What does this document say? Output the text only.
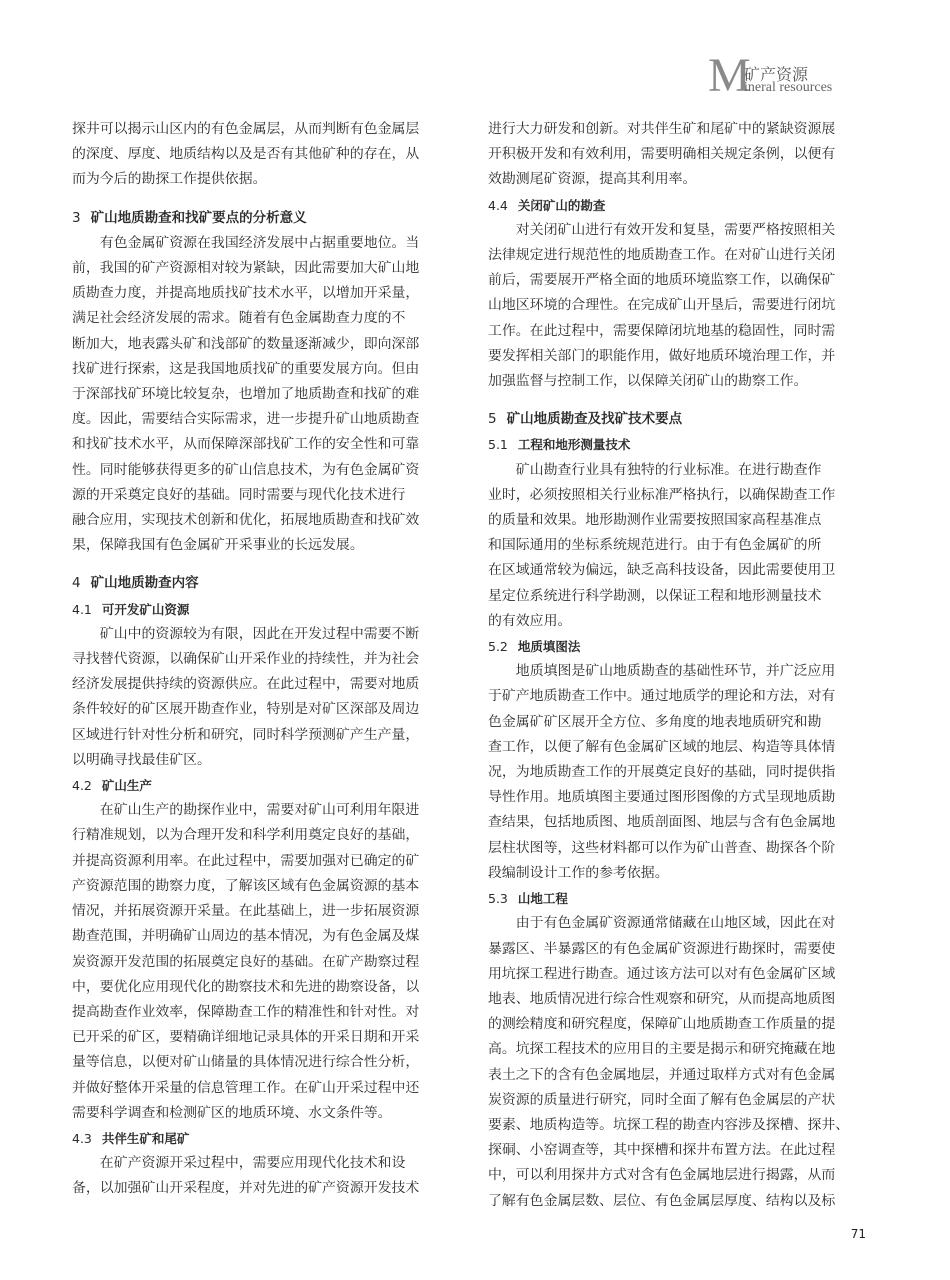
M
矿产资源
ineral resources

探井可以揭示山区内的有色金属层，从而判断有色金属层

的深度、厚度、地质结构以及是否有其他矿种的存在，从

而为今后的勘探工作提供依据。

3 矿山地质勘查和找矿要点的分析意义

有色金属矿资源在我国经济发展中占据重要地位。当

前，我国的矿产资源相对较为紧缺，因此需要加大矿山地

质勘查力度，并提高地质找矿技术水平，以增加开采量，

满足社会经济发展的需求。随着有色金属勘查力度的不

断加大，地表露头矿和浅部矿的数量逐渐减少，即向深部

找矿进行探索，这是我国地质找矿的重要发展方向。但由

于深部找矿环境比较复杂，也增加了地质勘查和找矿的难

度。因此，需要结合实际需求，进一步提升矿山地质勘查

和找矿技术水平，从而保障深部找矿工作的安全性和可靠

性。同时能够获得更多的矿山信息技术，为有色金属矿资

源的开采奠定良好的基础。同时需要与现代化技术进行

融合应用，实现技术创新和优化，拓展地质勘查和找矿效

果，保障我国有色金属矿开采事业的长远发展。

4 矿山地质勘查内容
4.1 可开发矿山资源

矿山中的资源较为有限，因此在开发过程中需要不断

寻找替代资源，以确保矿山开采作业的持续性，并为社会

经济发展提供持续的资源供应。在此过程中，需要对地质

条件较好的矿区展开勘查作业，特别是对矿区深部及周边

区域进行针对性分析和研究，同时科学预测矿产生产量，

以明确寻找最佳矿区。

4.2 矿山生产

在矿山生产的勘探作业中，需要对矿山可利用年限进

行精准规划，以为合理开发和科学利用奠定良好的基础，

并提高资源利用率。在此过程中，需要加强对已确定的矿

产资源范围的勘察力度，了解该区域有色金属资源的基本

情况，并拓展资源开采量。在此基础上，进一步拓展资源

勘查范围，并明确矿山周边的基本情况，为有色金属及煤

炭资源开发范围的拓展奠定良好的基础。在矿产勘察过程

中，要优化应用现代化的勘察技术和先进的勘察设备，以

提高勘查作业效率，保障勘查工作的精准性和针对性。对

已开采的矿区，要精确详细地记录具体的开采日期和开采

量等信息，以便对矿山储量的具体情况进行综合性分析，

并做好整体开采量的信息管理工作。在矿山开采过程中还

需要科学调查和检测矿区的地质环境、水文条件等。

4.3 共伴生矿和尾矿

在矿产资源开采过程中，需要应用现代化技术和设

备，以加强矿山开采程度，并对先进的矿产资源开发技术

进行大力研发和创新。对共伴生矿和尾矿中的紧缺资源展

开积极开发和有效利用，需要明确相关规定条例，以便有

效勘测尾矿资源，提高其利用率。

4.4 关闭矿山的勘查

对关闭矿山进行有效开发和复垦，需要严格按照相关

法律规定进行规范性的地质勘查工作。在对矿山进行关闭

前后，需要展开严格全面的地质环境监察工作，以确保矿

山地区环境的合理性。在完成矿山开垦后，需要进行闭坑

工作。在此过程中，需要保障闭坑地基的稳固性，同时需

要发挥相关部门的职能作用，做好地质环境治理工作，并

加强监督与控制工作，以保障关闭矿山的勘察工作。

5 矿山地质勘查及找矿技术要点
5.1 工程和地形测量技术

矿山勘查行业具有独特的行业标准。在进行勘查作

业时，必须按照相关行业标准严格执行，以确保勘查工作

的质量和效果。地形勘测作业需要按照国家高程基准点

和国际通用的坐标系统规范进行。由于有色金属矿的所

在区域通常较为偏远，缺乏高科技设备，因此需要使用卫

星定位系统进行科学勘测，以保证工程和地形测量技术

的有效应用。

5.2 地质填图法

地质填图是矿山地质勘查的基础性环节，并广泛应用

于矿产地质勘查工作中。通过地质学的理论和方法，对有

色金属矿矿区展开全方位、多角度的地表地质研究和勘

查工作，以便了解有色金属矿区域的地层、构造等具体情

况，为地质勘查工作的开展奠定良好的基础，同时提供指

导性作用。地质填图主要通过图形图像的方式呈现地质勘

查结果，包括地质图、地质剖面图、地层与含有色金属地

层柱状图等，这些材料都可以作为矿山普查、勘探各个阶

段编制设计工作的参考依据。

5.3 山地工程

由于有色金属矿资源通常储藏在山地区域，因此在对

暴露区、半暴露区的有色金属矿资源进行勘探时，需要使

用坑探工程进行勘查。通过该方法可以对有色金属矿区域

地表、地质情况进行综合性观察和研究，从而提高地质图

的测绘精度和研究程度，保障矿山地质勘查工作质量的提

高。坑探工程技术的应用目的主要是揭示和研究掩藏在地

表土之下的含有色金属地层，并通过取样方式对有色金属

炭资源的质量进行研究，同时全面了解有色金属层的产状

要素、地质构造等。坑探工程的勘查内容涉及探槽、探井、

探硐、小窑调查等，其中探槽和探井布置方法。在此过程

中，可以利用探井方式对含有色金属地层进行揭露，从而

了解有色金属层数、层位、有色金属层厚度、结构以及标

71
